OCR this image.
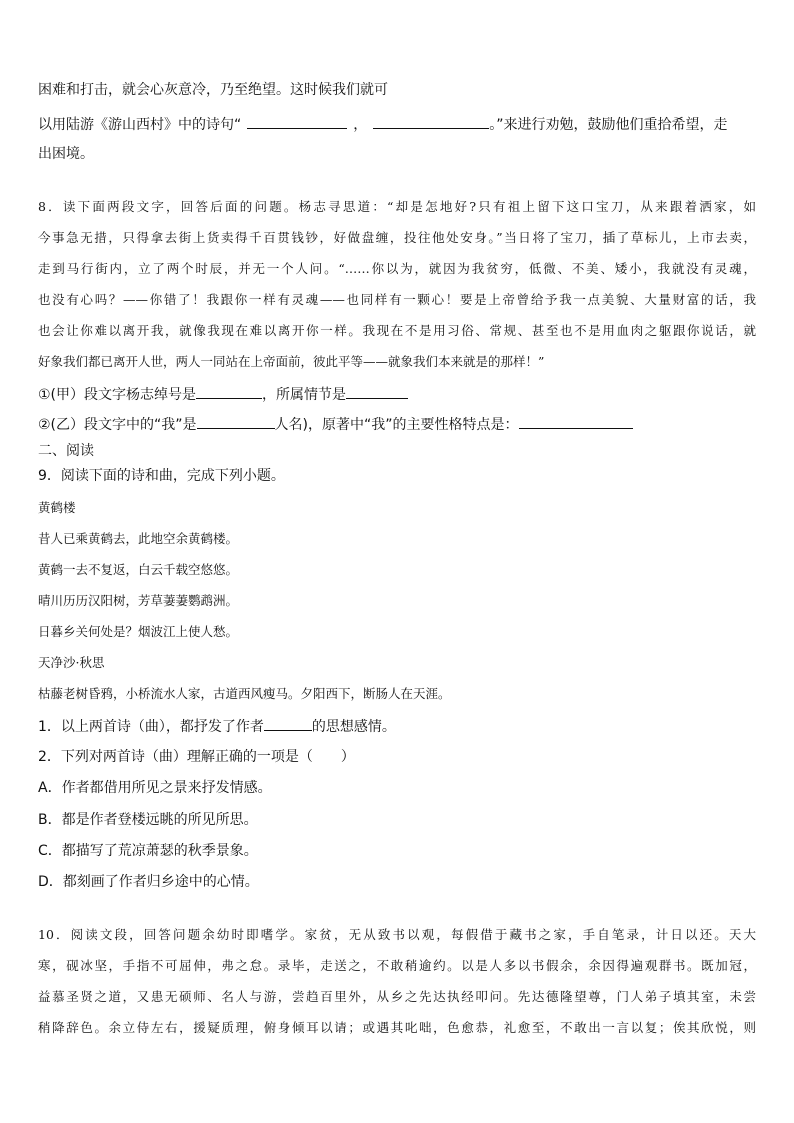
困难和打击，就会心灰意冷，乃至绝望。这时候我们就可
以用陆游《游山西村》中的诗句“	，	。”来进行劝勉，鼓励他们重拾希望，走
出困境。
8．读下面两段文字，回答后面的问题。杨志寻思道：“却是怎地好?只有祖上留下这口宝刀，从来跟着洒家，如
今事急无措，只得拿去街上货卖得千百贯钱钞，好做盘缠，投往他处安身。”当日将了宝刀，插了草标儿，上市去卖，
走到马行街内，立了两个时辰，并无一个人问。“……你以为，就因为我贫穷，低微、不美、矮小，我就没有灵魂，
也没有心吗？——你错了！我跟你一样有灵魂——也同样有一颗心！要是上帝曾给予我一点美貌、大量财富的话，我
也会让你难以离开我，就像我现在难以离开你一样。我现在不是用习俗、常规、甚至也不是用血肉之躯跟你说话，就
好象我们都已离开人世，两人一同站在上帝面前，彼此平等——就象我们本来就是的那样！”
①(甲）段文字杨志绰号是	，所属情节是
②(乙）段文字中的“我”是	人名)，原著中“我”的主要性格特点是：
二、阅读
9．阅读下面的诗和曲，完成下列小题。
黄鹤楼
昔人已乘黄鹤去，此地空余黄鹤楼。
黄鹤一去不复返，白云千载空悠悠。
晴川历历汉阳树，芳草萋萋鹦鹉洲。
日暮乡关何处是？烟波江上使人愁。
天净沙·秋思
枯藤老树昏鸦，小桥流水人家，古道西风瘦马。夕阳西下，断肠人在天涯。
1．以上两首诗（曲），都抒发了作者	的思想感情。
2．下列对两首诗（曲）理解正确的一项是（　　）
A．作者都借用所见之景来抒发情感。
B．都是作者登楼远眺的所见所思。
C．都描写了荒凉萧瑟的秋季景象。
D．都刻画了作者归乡途中的心情。
10．阅读文段，回答问题余幼时即嗜学。家贫，无从致书以观，每假借于藏书之家，手自笔录，计日以还。天大
寒，砚冰坚，手指不可屈伸，弗之怠。录毕，走送之，不敢稍逾约。以是人多以书假余，余因得遍观群书。既加冠，
益慕圣贤之道，又患无硕师、名人与游，尝趋百里外，从乡之先达执经叩问。先达德隆望尊，门人弟子填其室，未尝
稍降辞色。余立侍左右，援疑质理，俯身倾耳以请；或遇其叱咄，色愈恭，礼愈至，不敢出一言以复；俟其欣悦，则
